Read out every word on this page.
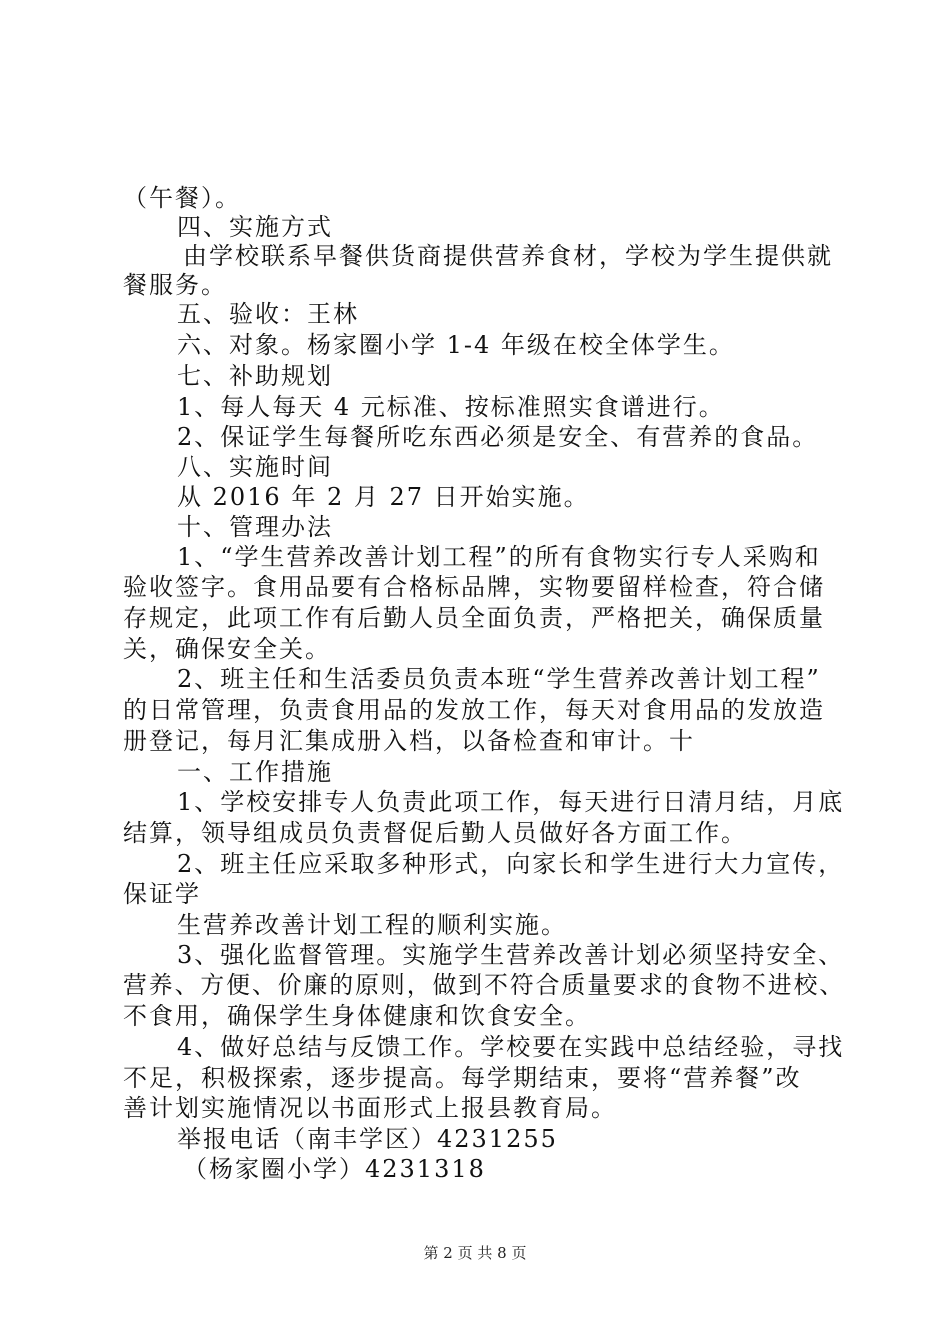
（午餐）。
四、实施方式
由学校联系早餐供货商提供营养食材，学校为学生提供就
餐服务。
五、验收：王林
六、对象。杨家圈小学 1-4 年级在校全体学生。
七、补助规划
1、每人每天 4 元标准、按标准照实食谱进行。
2、保证学生每餐所吃东西必须是安全、有营养的食品。
八、实施时间
从 2016 年 2 月 27 日开始实施。
十、管理办法
1、“学生营养改善计划工程”的所有食物实行专人采购和
验收签字。食用品要有合格标品牌，实物要留样检查，符合储
存规定，此项工作有后勤人员全面负责，严格把关，确保质量
关，确保安全关。
2、班主任和生活委员负责本班“学生营养改善计划工程”
的日常管理，负责食用品的发放工作，每天对食用品的发放造
册登记，每月汇集成册入档，以备检查和审计。十
一、工作措施
1、学校安排专人负责此项工作，每天进行日清月结，月底
结算，领导组成员负责督促后勤人员做好各方面工作。
2、班主任应采取多种形式，向家长和学生进行大力宣传，
保证学
生营养改善计划工程的顺利实施。
3、强化监督管理。实施学生营养改善计划必须坚持安全、
营养、方便、价廉的原则，做到不符合质量要求的食物不进校、
不食用，确保学生身体健康和饮食安全。
4、做好总结与反馈工作。学校要在实践中总结经验，寻找
不足，积极探索，逐步提高。每学期结束，要将“营养餐”改
善计划实施情况以书面形式上报县教育局。
举报电话（南丰学区）4231255
（杨家圈小学）4231318
第 2 页 共 8 页
